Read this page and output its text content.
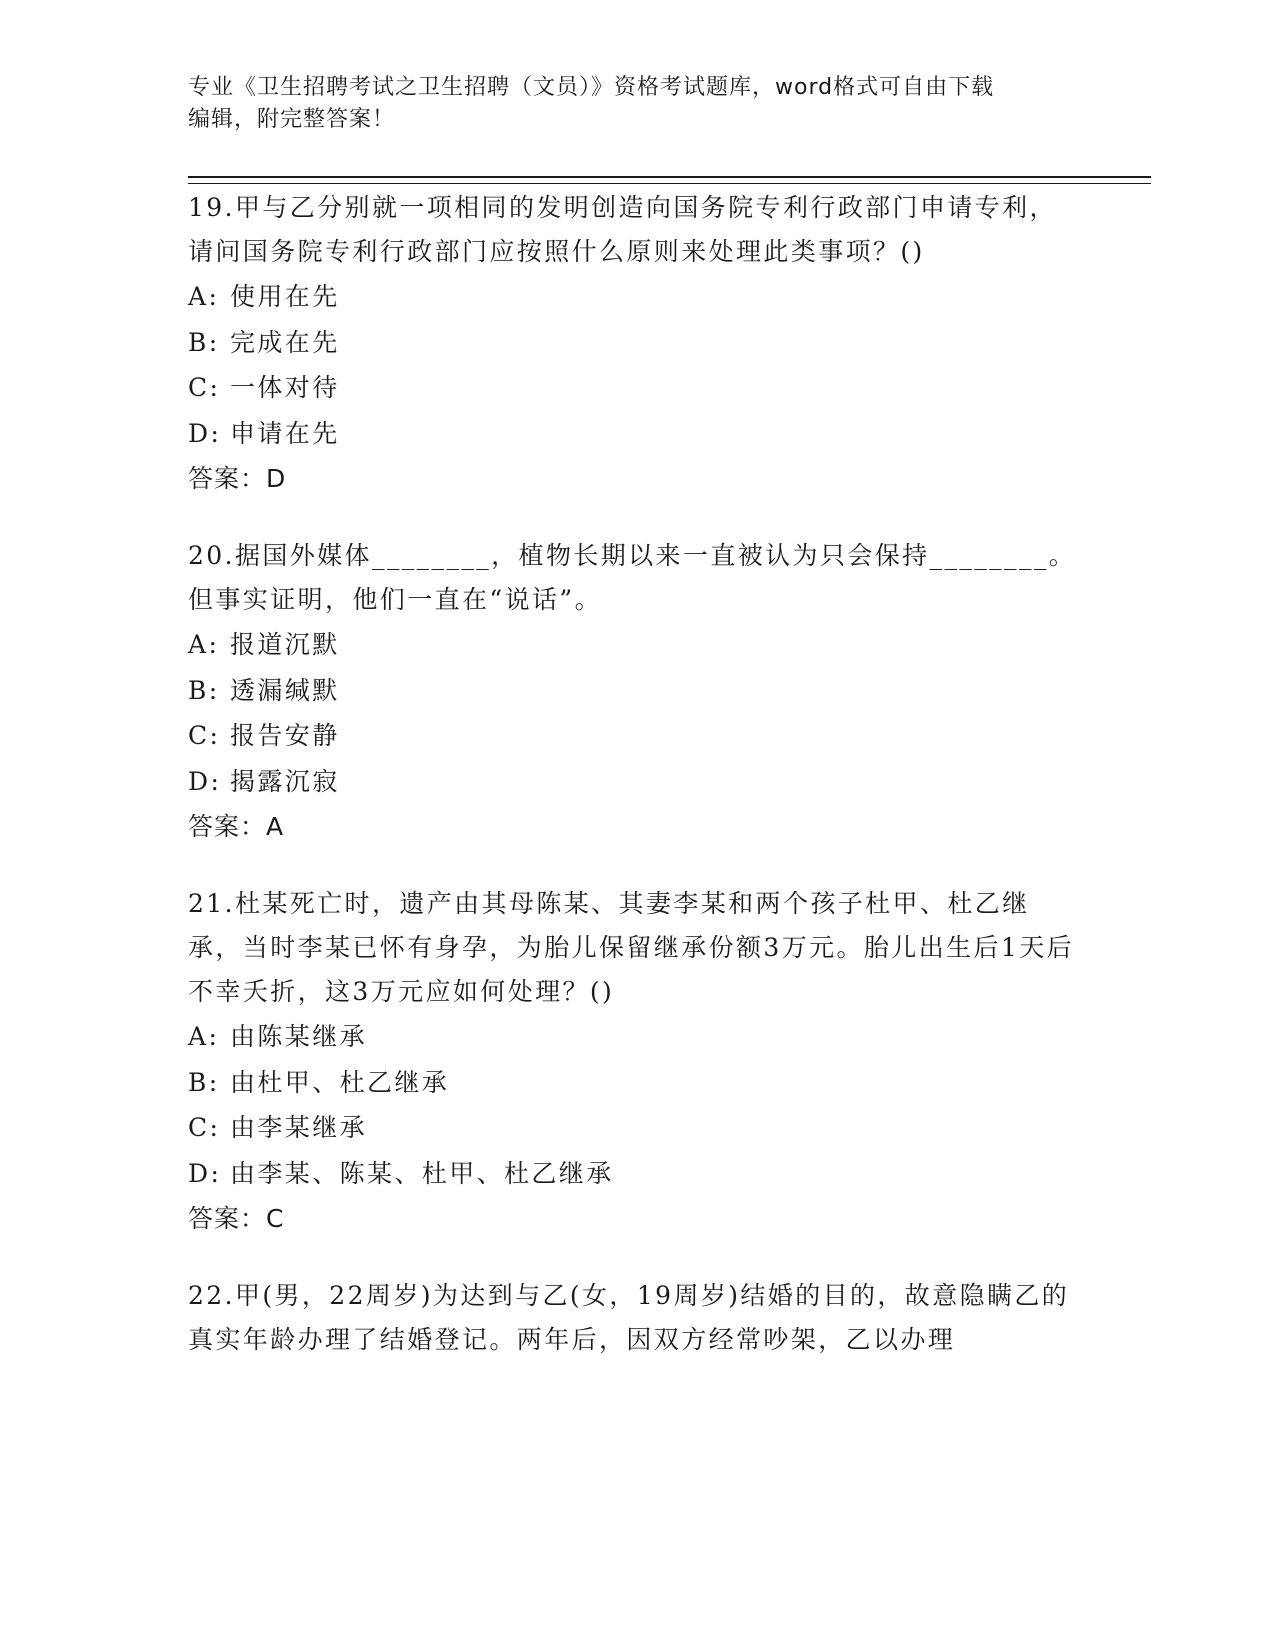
专业《卫生招聘考试之卫生招聘（文员）》资格考试题库，word格式可自由下载
编辑，附完整答案！

19.甲与乙分别就一项相同的发明创造向国务院专利行政部门申请专利，请问国务院专利行政部门应按照什么原则来处理此类事项？()

A: 使用在先
B: 完成在先
C: 一体对待
D: 申请在先
答案：D

20.据国外媒体________，植物长期以来一直被认为只会保持________。但事实证明，他们一直在“说话”。

A: 报道沉默
B: 透漏缄默
C: 报告安静
D: 揭露沉寂
答案：A

21.杜某死亡时，遗产由其母陈某、其妻李某和两个孩子杜甲、杜乙继承，当时李某已怀有身孕，为胎儿保留继承份额3万元。胎儿出生后1天后不幸夭折，这3万元应如何处理？()

A: 由陈某继承
B: 由杜甲、杜乙继承
C: 由李某继承
D: 由李某、陈某、杜甲、杜乙继承
答案：C

22.甲(男，22周岁)为达到与乙(女，19周岁)结婚的目的，故意隐瞒乙的真实年龄办理了结婚登记。两年后，因双方经常吵架，乙以办理
